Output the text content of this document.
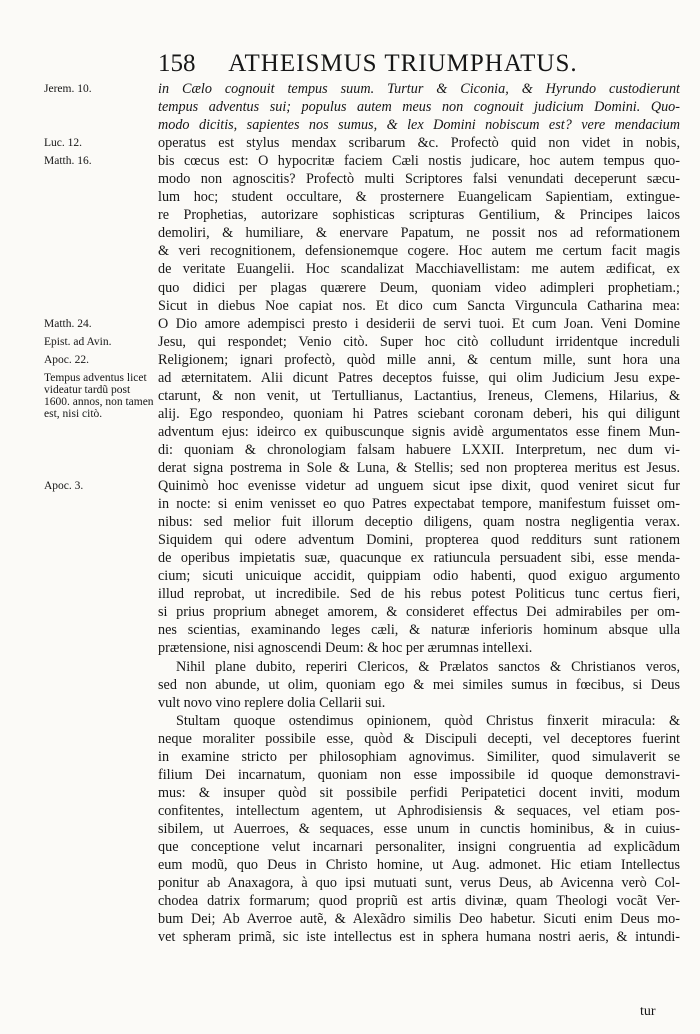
158 ATHEISMUS TRIUMPHATUS.
Jerem. 10.
Luc. 12.
Matth. 16.
Matth. 24.
Epist. ad Avin.
Apoc. 22.
Tempus adventus licet videatur tardũ post 1600. annos, non tamen est, nisi citò.
Apoc. 3.
in Cælo cognouit tempus suum. Turtur & Ciconia, & Hyrundo custodierunt
tempus adventus sui; populus autem meus non cognouit judicium Domini. Quo-
modo dicitis, sapientes nos sumus, & lex Domini nobiscum est? vere mendacium
operatus est stylus mendax scribarum &c. Profectò quid non videt in nobis,
bis cœcus est: O hypocritæ faciem Cæli nostis judicare, hoc autem tempus quo-
modo non agnoscitis? Profectò multi Scriptores falsi venundati deceperunt sæcu-
lum hoc; student occultare, & prosternere Euangelicam Sapientiam, extingue-
re Prophetias, autorizare sophisticas scripturas Gentilium, & Principes laicos
demoliri, & humiliare, & enervare Papatum, ne possit nos ad reformationem
& veri recognitionem, defensionemque cogere. Hoc autem me certum facit magis
de veritate Euangelii. Hoc scandalizat Macchiavellistam: me autem ædificat, ex
quo didici per plagas quærere Deum, quoniam video adimpleri prophetiam.;
Sicut in diebus Noe capiat nos. Et dico cum Sancta Virguncula Catharina mea:
O Dio amore adempisci presto i desiderii de servi tuoi. Et cum Joan. Veni Domine
Jesu, qui respondet; Venio citò. Super hoc citò colludunt irridentque increduli
Religionem; ignari profectò, quòd mille anni, & centum mille, sunt hora una
ad æternitatem. Alii dicunt Patres deceptos fuisse, qui olim Judicium Jesu expe-
ctarunt, & non venit, ut Tertullianus, Lactantius, Ireneus, Clemens, Hilarius, &
alij. Ego respondeo, quoniam hi Patres sciebant coronam deberi, his qui diligunt
adventum ejus: ideirco ex quibuscunque signis avidè argumentatos esse finem Mun-
di: quoniam & chronologiam falsam habuere LXXII. Interpretum, nec dum vi-
derat signa postrema in Sole & Luna, & Stellis; sed non propterea meritus est Jesus.
Quinimò hoc evenisse videtur ad unguem sicut ipse dixit, quod veniret sicut fur
in nocte: si enim venisset eo quo Patres expectabat tempore, manifestum fuisset om-
nibus: sed melior fuit illorum deceptio diligens, quam nostra negligentia verax.
Siquidem qui odere adventum Domini, propterea quod redditurs sunt rationem
de operibus impietatis suæ, quacunque ex ratiuncula persuadent sibi, esse menda-
cium; sicuti unicuique accidit, quippiam odio habenti, quod exiguo argumento
illud reprobat, ut incredibile. Sed de his rebus potest Politicus tunc certus fieri,
si prius proprium abneget amorem, & consideret effectus Dei admirabiles per om-
nes scientias, examinando leges cæli, & naturæ inferioris hominum absque ulla
prætensione, nisi agnoscendi Deum: & hoc per ærumnas intellexi.
Nihil plane dubito, reperiri Clericos, & Prælatos sanctos & Christianos veros,
sed non abunde, ut olim, quoniam ego & mei similes sumus in fœcibus, si Deus
vult novo vino replere dolia Cellarii sui.
Stultam quoque ostendimus opinionem, quòd Christus finxerit miracula: &
neque moraliter possibile esse, quòd & Discipuli decepti, vel deceptores fuerint
in examine stricto per philosophiam agnovimus. Similiter, quod simulaverit se
filium Dei incarnatum, quoniam non esse impossibile id quoque demonstravi-
mus: & insuper quòd sit possibile perfidi Peripatetici docent inviti, modum
confitentes, intellectum agentem, ut Aphrodisiensis & sequaces, vel etiam pos-
sibilem, ut Auerroes, & sequaces, esse unum in cunctis hominibus, & in cuius-
que conceptione velut incarnari personaliter, insigni congruentia ad explicãdum
eum modũ, quo Deus in Christo homine, ut Aug. admonet. Hic etiam Intellectus
ponitur ab Anaxagora, à quo ipsi mutuati sunt, verus Deus, ab Avicenna verò Col-
chodea datrix formarum; quod propriũ est artis divinæ, quam Theologi vocãt Ver-
bum Dei; Ab Averroe autẽ, & Alexãdro similis Deo habetur. Sicuti enim Deus mo-
vet spheram primã, sic iste intellectus est in sphera humana nostri aeris, & intundi-
tur
